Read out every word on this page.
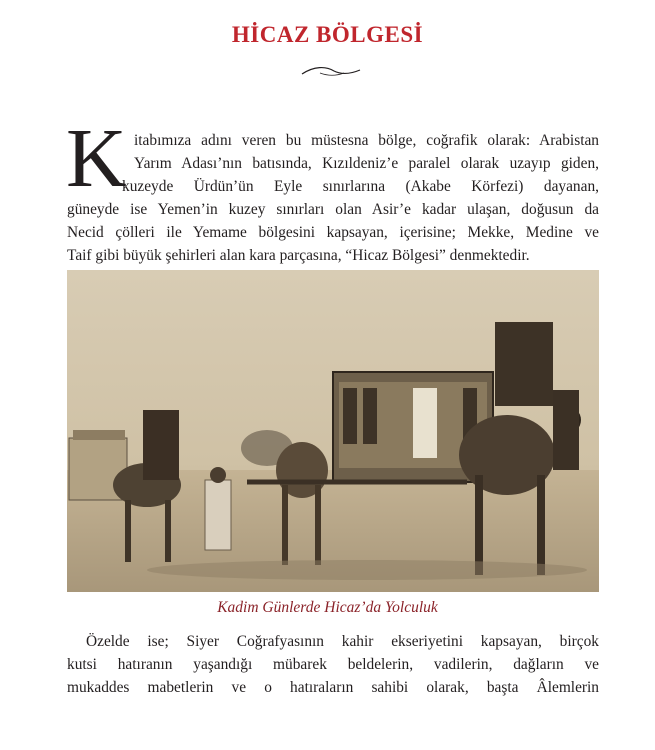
HİCAZ BÖLGESİ
K itabımıza adını veren bu müstesna bölge, coğrafik olarak: Arabistan
Yarım Adası’nın batısında, Kızıldeniz’e paralel olarak uzayıp giden,
kuzeyde Ürdün’ün Eyle sınırlarına (Akabe Körfezi) dayanan,
güneyde ise Yemen’in kuzey sınırları olan Asir’e kadar ulaşan, doğusun da
Necid çölleri ile Yemame bölgesini kapsayan, içerisine; Mekke, Medine ve
Taif gibi büyük şehirleri alan kara parçasına, “Hicaz Bölgesi” denmektedir.
Kadim Günlerde Hicaz’da Yolculuk
Özelde ise; Siyer Coğrafyasının kahir ekseriyetini kapsayan, birçok
kutsi hatıranın yaşandığı mübarek beldelerin, vadilerin, dağların ve
mukaddes mabetlerin ve o hatıraların sahibi olarak, başta Âlemlerin
